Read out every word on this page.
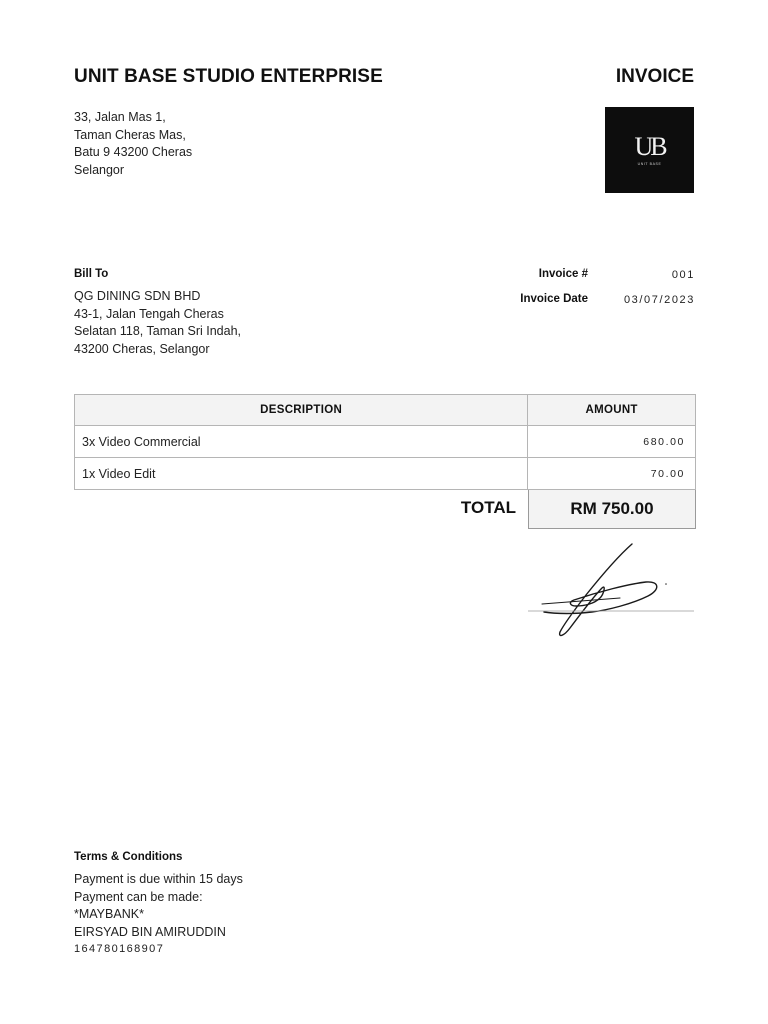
UNIT BASE STUDIO ENTERPRISE	INVOICE
33, Jalan Mas 1,
Taman Cheras Mas,
Batu 9 43200 Cheras
Selangor
UB
UNIT BASE
Bill To
QG DINING SDN BHD
43-1, Jalan Tengah Cheras
Selatan 118, Taman Sri Indah,
43200 Cheras, Selangor
Invoice #	001
Invoice Date	03/07/2023
DESCRIPTION	AMOUNT
3x Video Commercial	680.00
1x Video Edit	70.00
TOTAL	RM 750.00
Terms & Conditions
Payment is due within 15 days
Payment can be made:
*MAYBANK*
EIRSYAD BIN AMIRUDDIN
164780168907
